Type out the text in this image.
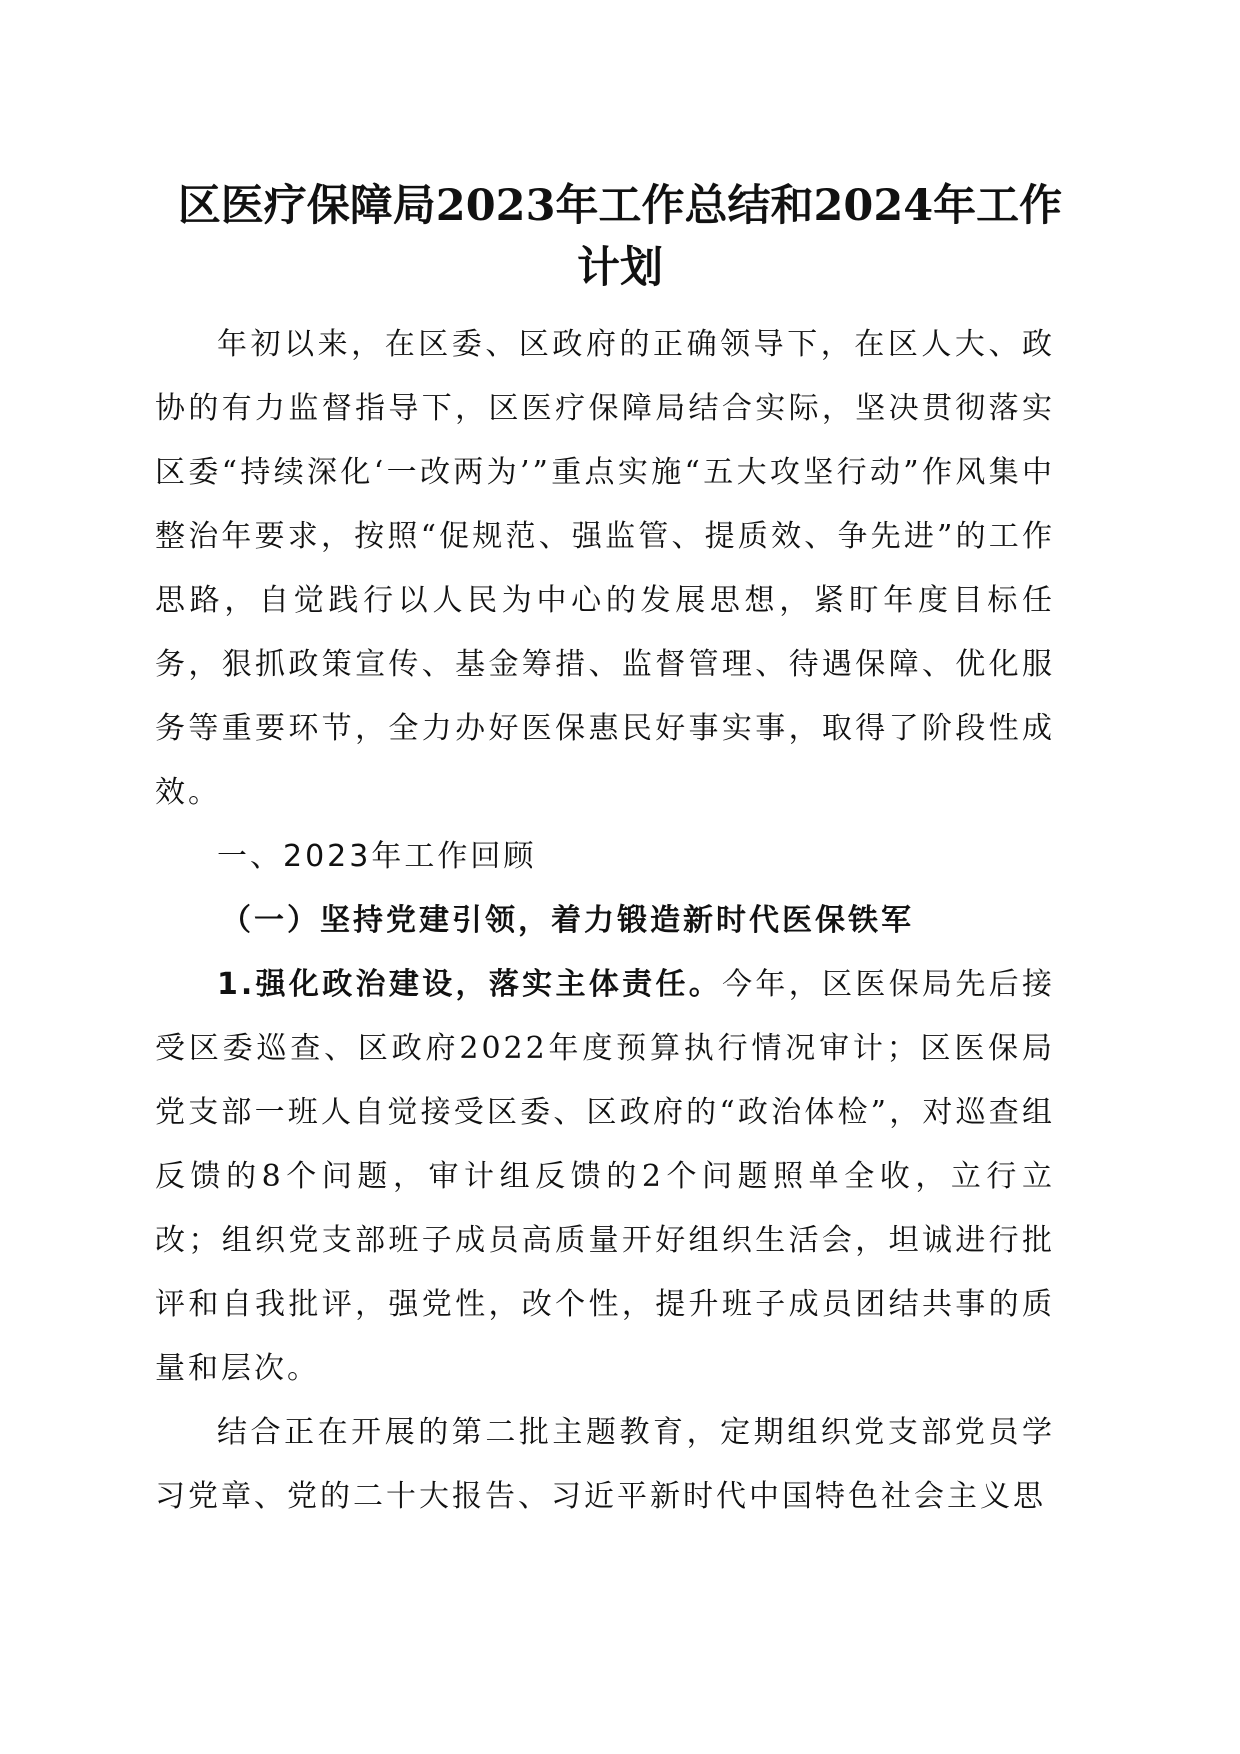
区医疗保障局2023年工作总结和2024年工作
计划

年初以来，在区委、区政府的正确领导下，在区人大、政协的有力监督指导下，区医疗保障局结合实际，坚决贯彻落实区委“持续深化‘一改两为’”重点实施“五大攻坚行动”作风集中整治年要求，按照“促规范、强监管、提质效、争先进”的工作思路，自觉践行以人民为中心的发展思想，紧盯年度目标任务，狠抓政策宣传、基金筹措、监督管理、待遇保障、优化服务等重要环节，全力办好医保惠民好事实事，取得了阶段性成效。

一、2023年工作回顾

（一）坚持党建引领，着力锻造新时代医保铁军

1.强化政治建设，落实主体责任。今年，区医保局先后接受区委巡查、区政府2022年度预算执行情况审计；区医保局党支部一班人自觉接受区委、区政府的“政治体检”，对巡查组反馈的8个问题，审计组反馈的2个问题照单全收，立行立改；组织党支部班子成员高质量开好组织生活会，坦诚进行批评和自我批评，强党性，改个性，提升班子成员团结共事的质量和层次。

结合正在开展的第二批主题教育，定期组织党支部党员学习党章、党的二十大报告、习近平新时代中国特色社会主义思
